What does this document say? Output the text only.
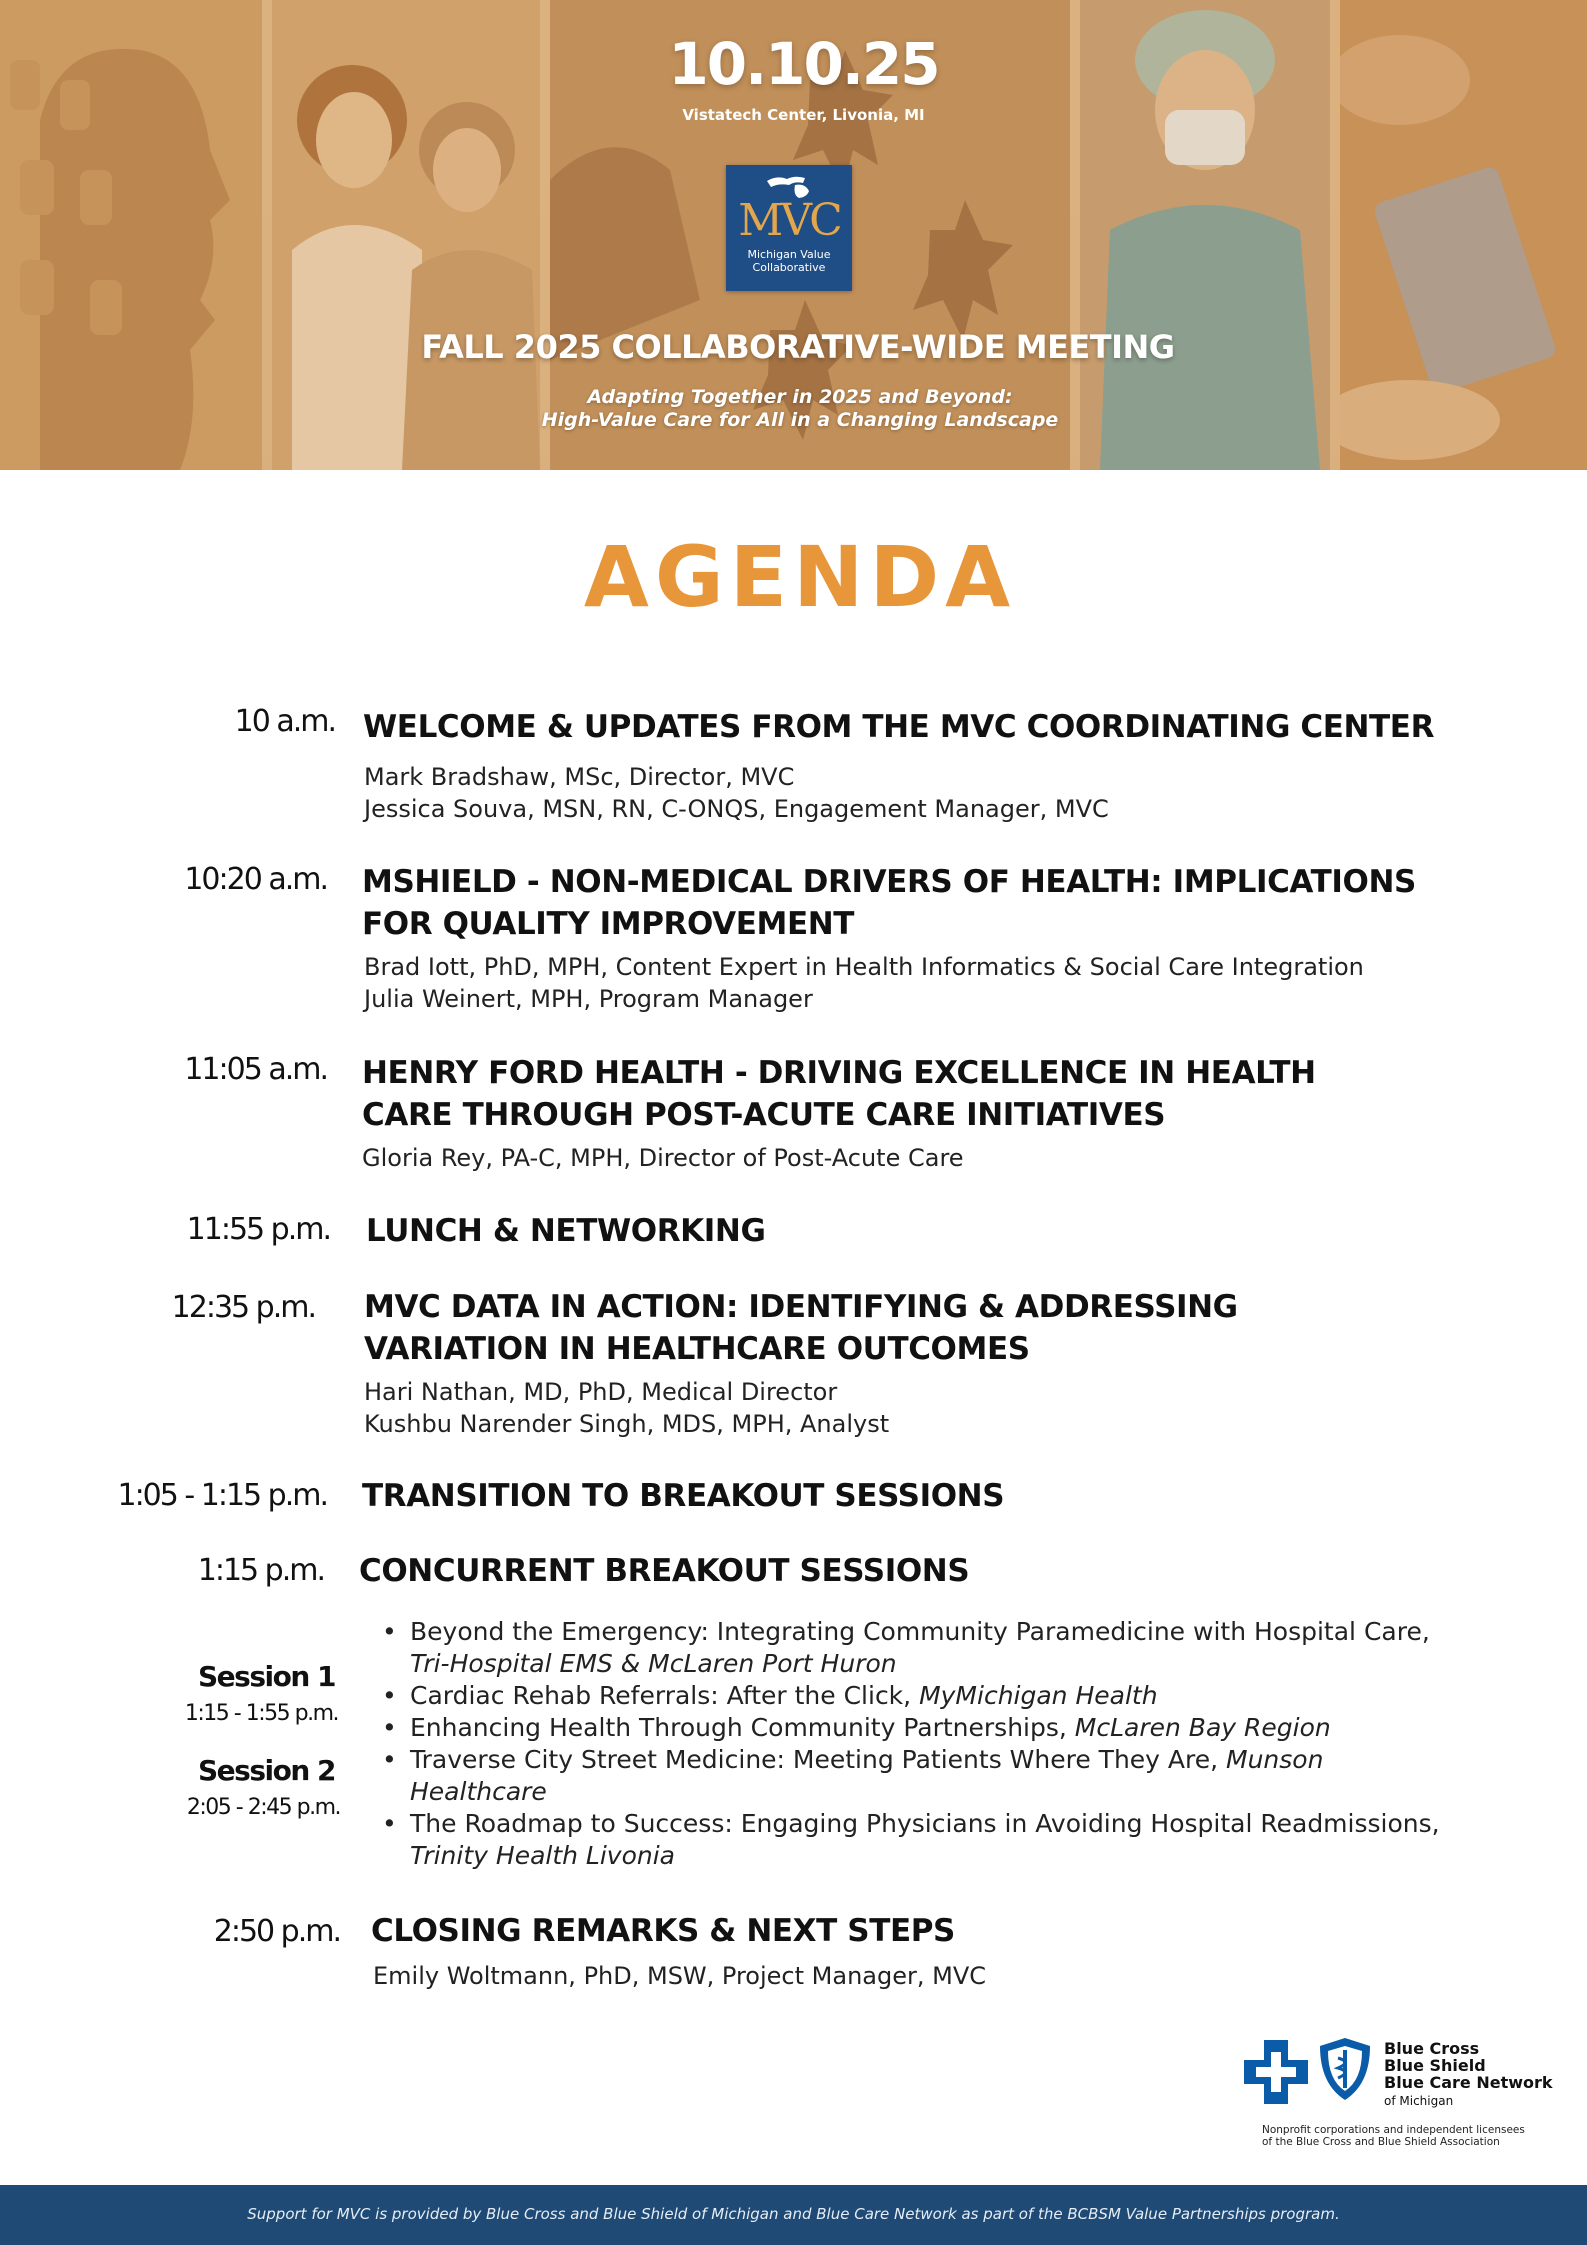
10.10.25
Vistatech Center, Livonia, MI
MVC
Michigan Value
Collaborative
FALL 2025 COLLABORATIVE-WIDE MEETING
Adapting Together in 2025 and Beyond:
High-Value Care for All in a Changing Landscape
AGENDA
10 a.m. WELCOME & UPDATES FROM THE MVC COORDINATING CENTER
Mark Bradshaw, MSc, Director, MVC
Jessica Souva, MSN, RN, C-ONQS, Engagement Manager, MVC
10:20 a.m. MSHIELD - NON-MEDICAL DRIVERS OF HEALTH: IMPLICATIONS
FOR QUALITY IMPROVEMENT
Brad Iott, PhD, MPH, Content Expert in Health Informatics & Social Care Integration
Julia Weinert, MPH, Program Manager
11:05 a.m. HENRY FORD HEALTH - DRIVING EXCELLENCE IN HEALTH
CARE THROUGH POST-ACUTE CARE INITIATIVES
Gloria Rey, PA-C, MPH, Director of Post-Acute Care
11:55 p.m. LUNCH & NETWORKING
12:35 p.m. MVC DATA IN ACTION: IDENTIFYING & ADDRESSING
VARIATION IN HEALTHCARE OUTCOMES
Hari Nathan, MD, PhD, Medical Director
Kushbu Narender Singh, MDS, MPH, Analyst
1:05 - 1:15 p.m. TRANSITION TO BREAKOUT SESSIONS
1:15 p.m. CONCURRENT BREAKOUT SESSIONS
Session 1
1:15 - 1:55 p.m.
Session 2
2:05 - 2:45 p.m.
• Beyond the Emergency: Integrating Community Paramedicine with Hospital Care, Tri-Hospital EMS & McLaren Port Huron
• Cardiac Rehab Referrals: After the Click, MyMichigan Health
• Enhancing Health Through Community Partnerships, McLaren Bay Region
• Traverse City Street Medicine: Meeting Patients Where They Are, Munson Healthcare
• The Roadmap to Success: Engaging Physicians in Avoiding Hospital Readmissions, Trinity Health Livonia
2:50 p.m. CLOSING REMARKS & NEXT STEPS
Emily Woltmann, PhD, MSW, Project Manager, MVC
Blue Cross
Blue Shield
Blue Care Network
of Michigan
Nonprofit corporations and independent licensees
of the Blue Cross and Blue Shield Association
Support for MVC is provided by Blue Cross and Blue Shield of Michigan and Blue Care Network as part of the BCBSM Value Partnerships program.
